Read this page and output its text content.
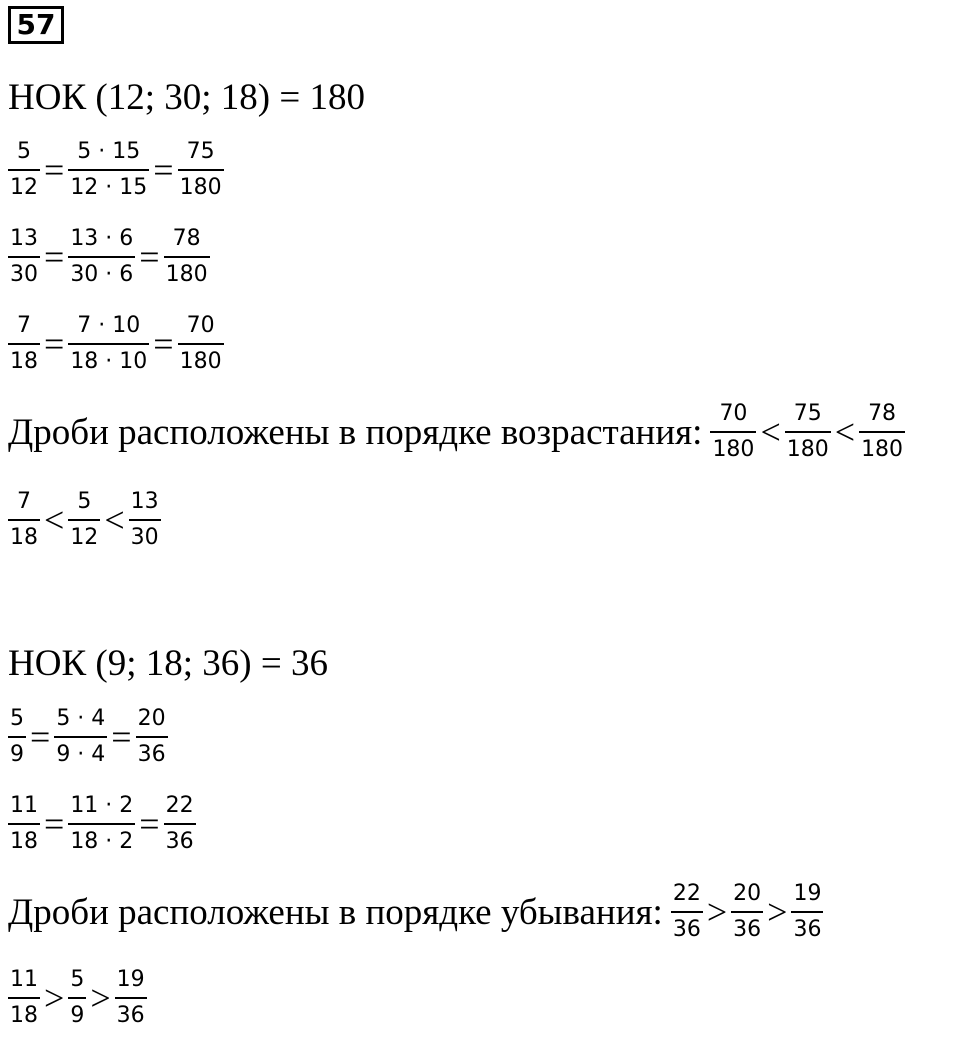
57
НОК (12; 30; 18) = 180
$\frac{5}{12} = \frac{5 \cdot 15}{12 \cdot 15} = \frac{75}{180}$
$\frac{13}{30} = \frac{13 \cdot 6}{30 \cdot 6} = \frac{78}{180}$
$\frac{7}{18} = \frac{7 \cdot 10}{18 \cdot 10} = \frac{70}{180}$
Дроби расположены в порядке возрастания: $\frac{70}{180} < \frac{75}{180} < \frac{78}{180}$
$\frac{7}{18} < \frac{5}{12} < \frac{13}{30}$
НОК (9; 18; 36) = 36
$\frac{5}{9} = \frac{5 \cdot 4}{9 \cdot 4} = \frac{20}{36}$
$\frac{11}{18} = \frac{11 \cdot 2}{18 \cdot 2} = \frac{22}{36}$
Дроби расположены в порядке убывания: $\frac{22}{36} > \frac{20}{36} > \frac{19}{36}$
$\frac{11}{18} > \frac{5}{9} > \frac{19}{36}$
